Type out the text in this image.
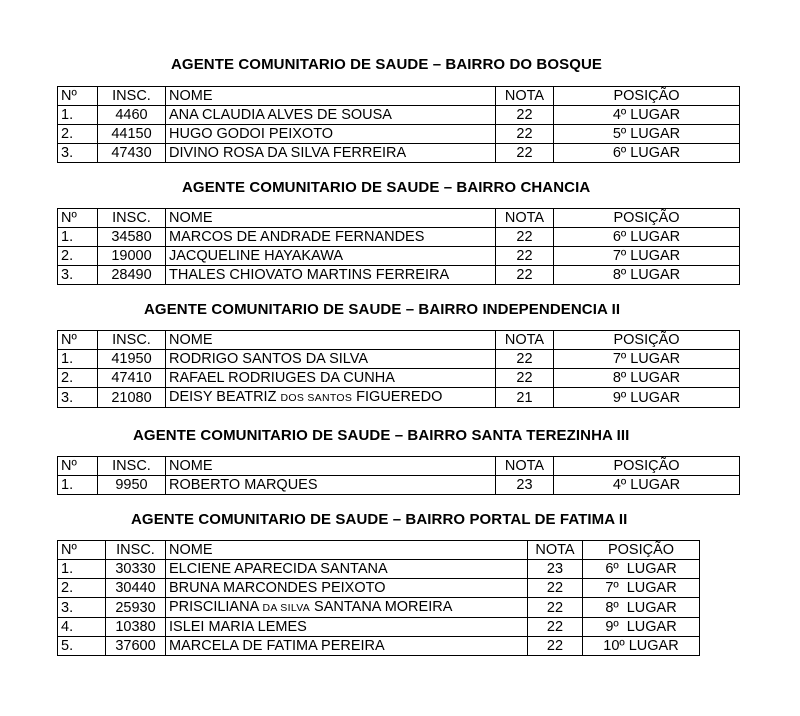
AGENTE COMUNITARIO DE SAUDE – BAIRRO DO BOSQUE
Nº	INSC.	NOME	NOTA	POSIÇÃO
1.	4460	ANA CLAUDIA ALVES DE SOUSA	22	4º LUGAR
2.	44150	HUGO GODOI PEIXOTO	22	5º LUGAR
3.	47430	DIVINO ROSA DA SILVA FERREIRA	22	6º LUGAR
AGENTE COMUNITARIO DE SAUDE – BAIRRO CHANCIA
Nº	INSC.	NOME	NOTA	POSIÇÃO
1.	34580	MARCOS DE ANDRADE FERNANDES	22	6º LUGAR
2.	19000	JACQUELINE HAYAKAWA	22	7º LUGAR
3.	28490	THALES CHIOVATO MARTINS FERREIRA	22	8º LUGAR
AGENTE COMUNITARIO DE SAUDE – BAIRRO INDEPENDENCIA II
Nº	INSC.	NOME	NOTA	POSIÇÃO
1.	41950	RODRIGO SANTOS DA SILVA	22	7º LUGAR
2.	47410	RAFAEL RODRIUGES DA CUNHA	22	8º LUGAR
3.	21080	DEISY BEATRIZ DOS SANTOS FIGUEREDO	21	9º LUGAR
AGENTE COMUNITARIO DE SAUDE – BAIRRO SANTA TEREZINHA III
Nº	INSC.	NOME	NOTA	POSIÇÃO
1.	9950	ROBERTO MARQUES	23	4º LUGAR
AGENTE COMUNITARIO DE SAUDE – BAIRRO PORTAL DE FATIMA II
Nº	INSC.	NOME	NOTA	POSIÇÃO
1.	30330	ELCIENE APARECIDA SANTANA	23	6º  LUGAR
2.	30440	BRUNA MARCONDES PEIXOTO	22	7º  LUGAR
3.	25930	PRISCILIANA DA SILVA SANTANA MOREIRA	22	8º  LUGAR
4.	10380	ISLEI MARIA LEMES	22	9º  LUGAR
5.	37600	MARCELA DE FATIMA PEREIRA	22	10º LUGAR
